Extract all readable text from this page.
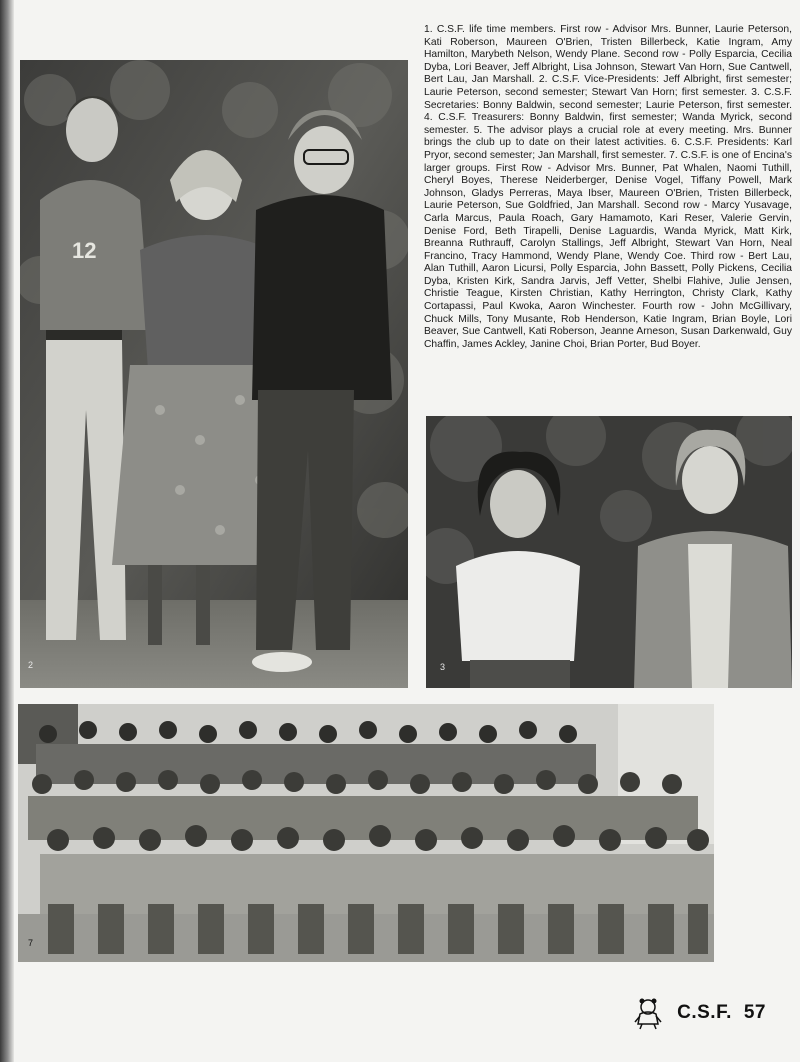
12
2

1. C.S.F. life time members. First row - Advisor Mrs. Bunner, Laurie Peterson, Kati Roberson, Maureen O'Brien, Tristen Billerbeck, Katie Ingram, Amy Hamilton, Marybeth Nelson, Wendy Plane. Second row - Polly Esparcia, Cecilia Dyba, Lori Beaver, Jeff Albright, Lisa Johnson, Stewart Van Horn, Sue Cantwell, Bert Lau, Jan Marshall. 2. C.S.F. Vice-Presidents: Jeff Albright, first semester; Laurie Peterson, second semester; Stewart Van Horn; first semester. 3. C.S.F. Secretaries: Bonny Baldwin, second semester; Laurie Peterson, first semester. 4. C.S.F. Treasurers: Bonny Baldwin, first semester; Wanda Myrick, second semester. 5. The advisor plays a crucial role at every meeting. Mrs. Bunner brings the club up to date on their latest activities. 6. C.S.F. Presidents: Karl Pryor, second semester; Jan Marshall, first semester. 7. C.S.F. is one of Encina's larger groups. First Row - Advisor Mrs. Bunner, Pat Whalen, Naomi Tuthill, Cheryl Boyes, Therese Neiderberger, Denise Vogel, Tiffany Powell, Mark Johnson, Gladys Perreras, Maya Ibser, Maureen O'Brien, Tristen Billerbeck, Laurie Peterson, Sue Goldfried, Jan Marshall. Second row - Marcy Yusavage, Carla Marcus, Paula Roach, Gary Hamamoto, Kari Reser, Valerie Gervin, Denise Ford, Beth Tirapelli, Denise Laguardis, Wanda Myrick, Matt Kirk, Breanna Ruthrauff, Carolyn Stallings, Jeff Albright, Stewart Van Horn, Neal Francino, Tracy Hammond, Wendy Plane, Wendy Coe. Third row - Bert Lau, Alan Tuthill, Aaron Licursi, Polly Esparcia, John Bassett, Polly Pickens, Cecilia Dyba, Kristen Kirk, Sandra Jarvis, Jeff Vetter, Shelbi Flahive, Julie Jensen, Christie Teague, Kirsten Christian, Kathy Herrington, Christy Clark, Kathy Cortapassi, Paul Kwoka, Aaron Winchester. Fourth row - John McGillivary, Chuck Mills, Tony Musante, Rob Henderson, Katie Ingram, Brian Boyle, Lori Beaver, Sue Cantwell, Kati Roberson, Jeanne Arneson, Susan Darkenwald, Guy Chaffin, James Ackley, Janine Choi, Brian Porter, Bud Boyer.

3
7
C.S.F. 57
